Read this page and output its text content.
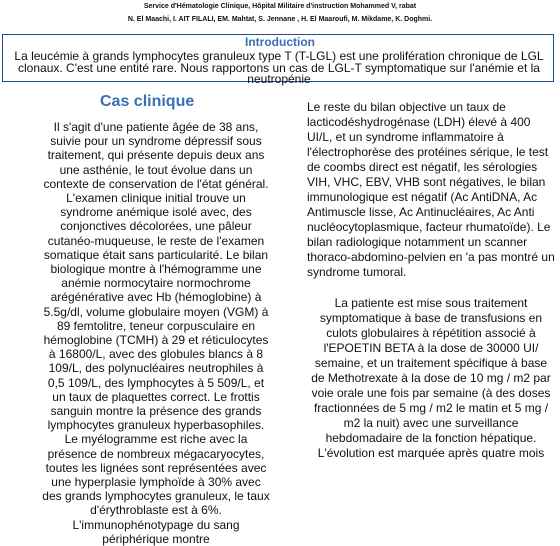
Service d'Hématologie Clinique, Hôpital Militaire d'instruction Mohammed V, rabat
N. El Maachi, I. AIT FILALI, EM. Mahtat, S. Jennane , H. El Maaroufi, M. Mikdame, K. Doghmi.
Introduction
La leucémie à grands lymphocytes granuleux type T (T-LGL) est une prolifération chronique de LGL clonaux. C'est une entité rare. Nous rapportons un cas de LGL-T symptomatique sur l'anémie et la neutropénie
Cas clinique
Il s'agit d'une patiente âgée de 38 ans, suivie pour un syndrome dépressif sous traitement, qui présente depuis deux ans une asthénie, le tout évolue dans un contexte de conservation de l'état général. L'examen clinique initial trouve un syndrome anémique isolé avec, des conjonctives décolorées, une pâleur cutanéo-muqueuse, le reste de l'examen somatique était sans particularité. Le bilan biologique montre à l'hémogramme une anémie normocytaire normochrome arégénérative avec Hb (hémoglobine) à 5.5g/dl, volume globulaire moyen (VGM) à 89 femtolitre, teneur corpusculaire en hémoglobine (TCMH) à 29 et réticulocytes à 16800/L, avec des globules blancs à 8 109/L, des polynucléaires neutrophiles à 0,5 109/L, des lymphocytes à 5 509/L, et un taux de plaquettes correct. Le frottis sanguin montre la présence des grands lymphocytes granuleux hyperbasophiles. Le myélogramme est riche avec la présence de nombreux mégacaryocytes, toutes les lignées sont représentées avec une hyperplasie lymphoïde à 30% avec des grands lymphocytes granuleux, le taux d'érythroblaste est à 6%. L'immunophénotypage du sang périphérique montre
Le reste du bilan objective un taux de lacticodéshydrogénase (LDH) élevé à 400 UI/L, et un syndrome inflammatoire à l'électrophorèse des protéines sérique, le test de coombs direct est négatif, les sérologies VIH, VHC, EBV, VHB sont négatives, le bilan immunologique est négatif (Ac AntiDNA, Ac Antimuscle lisse, Ac Antinucléaires, Ac Anti nucléocytoplasmique, facteur rhumatoïde). Le bilan radiologique notamment un scanner thoraco-abdomino-pelvien en 'a pas montré un syndrome tumoral.
La patiente est mise sous traitement symptomatique à base de transfusions en culots globulaires à répétition associé à l'EPOETIN BETA à la dose de 30000 UI/ semaine, et un traitement spécifique à base de Methotrexate à la dose de 10 mg / m2 par voie orale une fois par semaine (à des doses fractionnées de 5 mg / m2 le matin et 5 mg / m2 la nuit) avec une surveillance hebdomadaire de la fonction hépatique. L'évolution est marquée après quatre mois
